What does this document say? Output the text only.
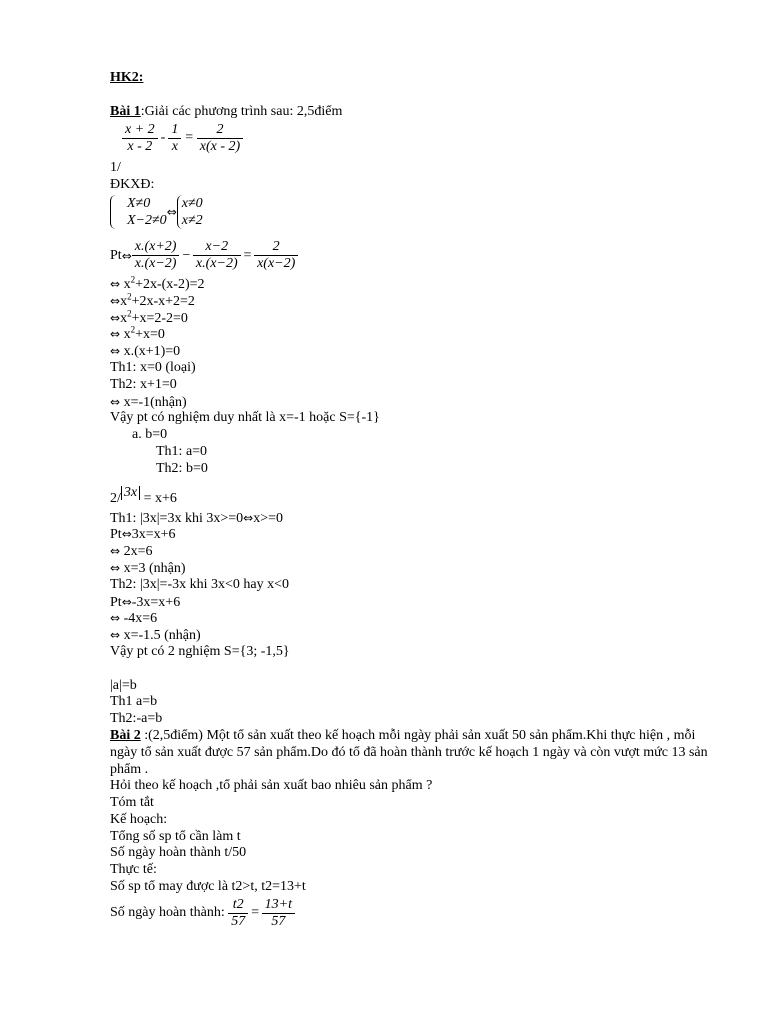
HK2:
Bài 1:Giải các phương trình sau: 2,5điểm
$\frac{x + 2}{x - 2} - \frac{1}{x} = \frac{2}{x(x - 2)}$
1/
ĐKXĐ:
X≠0
X−2≠0
⇔
x≠0
x≠2
Pt ⇔ $\frac{x.(x+2)}{x.(x-2)} - \frac{x-2}{x.(x-2)} = \frac{2}{x(x-2)}$
⇔ $x^2+2x-(x-2)=2$
$\Leftrightarrow x^2+2x-x+2=2$
$\Leftrightarrow x^2+x=2-2=0$
⇔ $x^2+x=0$
⇔ x.(x+1)=0
Th1: x=0 (loại)
Th2: x+1=0
⇔ x=-1(nhận)
Vậy pt có nghiệm duy nhất là x=-1 hoặc S={-1}
a. b=0
Th1: a=0
Th2: b=0
2/ 3x = x+6
Th1: |3x|=3x khi 3x>=0⇔x>=0
Pt⇔3x=x+6
⇔ 2x=6
⇔ x=3 (nhận)
Th2: |3x|=-3x khi 3x<0 hay x<0
Pt⇔-3x=x+6
⇔ -4x=6
⇔ x=-1.5 (nhận)
Vậy pt có 2 nghiệm S={3; -1,5}
|a|=b
Th1 a=b
Th2:-a=b
Bài 2 :(2,5điểm) Một tổ sản xuất theo kế hoạch mỗi ngày phải sản xuất 50 sản phẩm.Khi thực hiện , mỗi ngày tổ sản xuất được 57 sản phẩm.Do đó tổ đã hoàn thành trước kế hoạch 1 ngày và còn vượt mức 13 sản phẩm .
Hỏi theo kế hoạch ,tổ phải sản xuất bao nhiêu sản phẩm ?
Tóm tắt
Kế hoạch:
Tổng số sp tổ cần làm t
Số ngày hoàn thành t/50
Thực tế:
Số sp tổ may được là t2>t, t2=13+t
Số ngày hoàn thành: $\frac{t2}{57} = \frac{13+t}{57}$
